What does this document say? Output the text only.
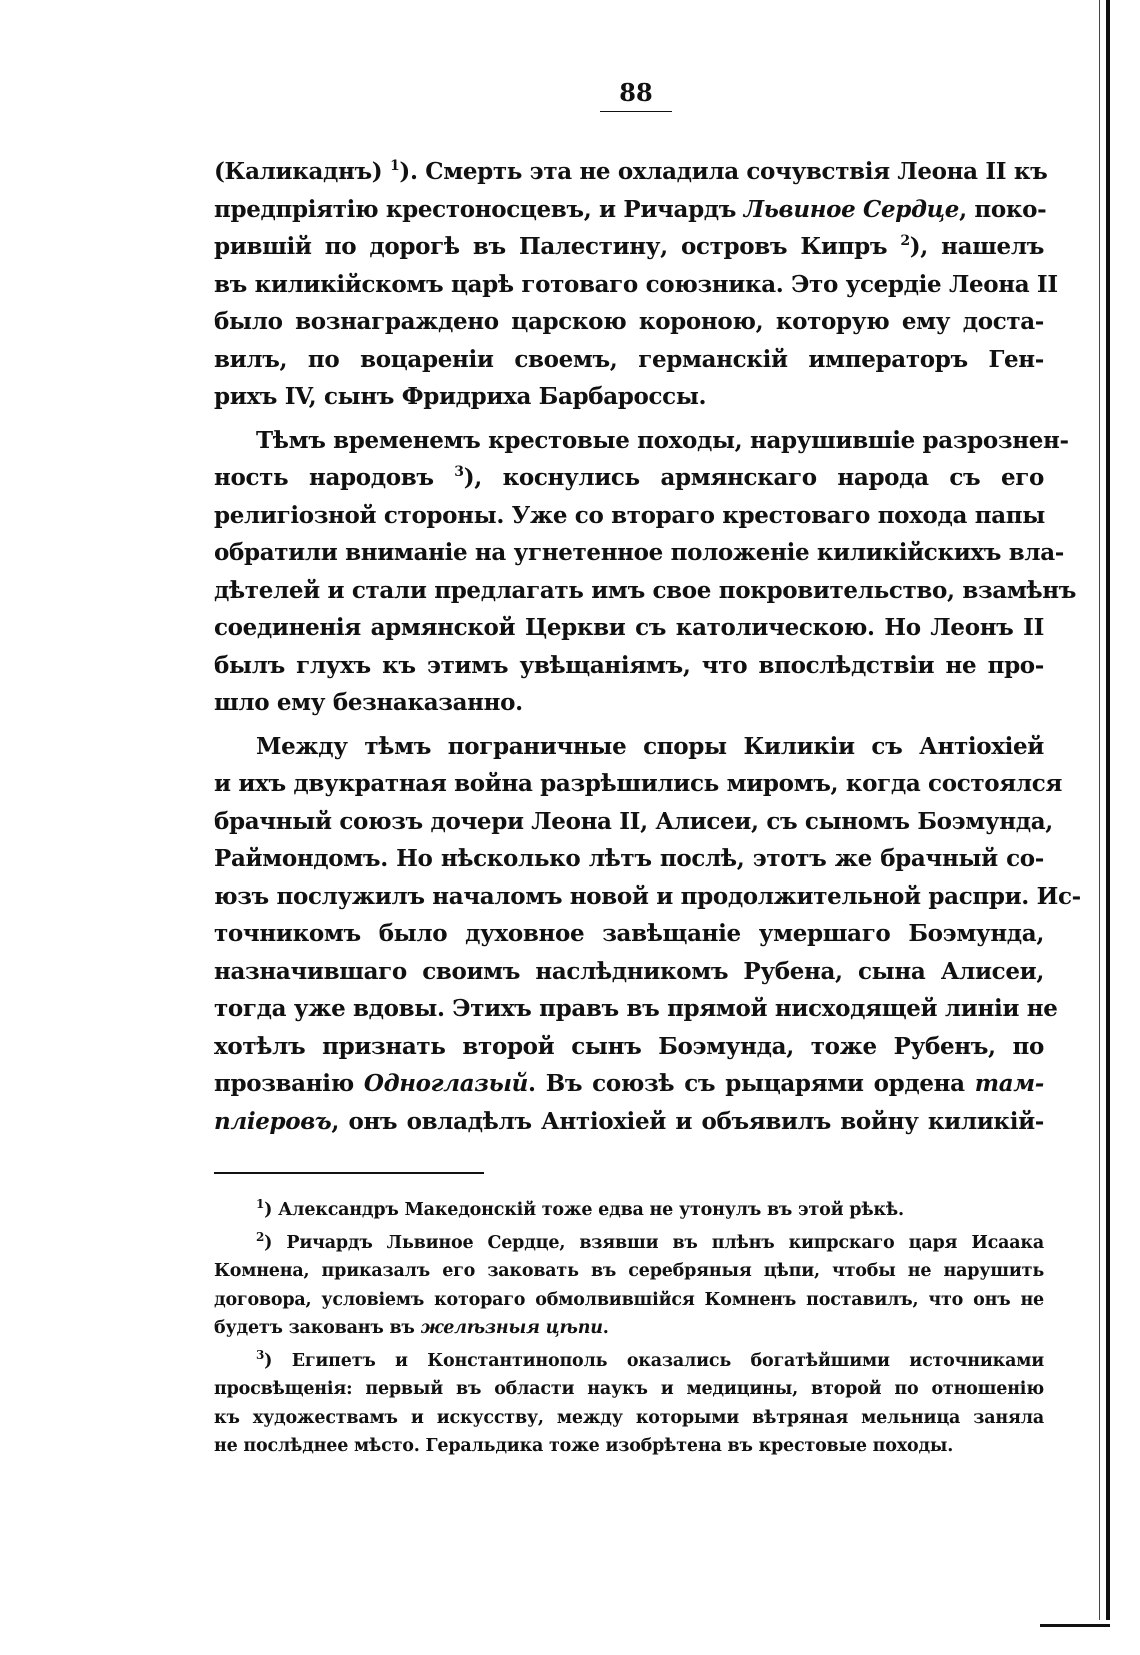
88
(Каликаднъ) $^1$). Смерть эта не охладила сочувствія Леона II къ
предпріятію крестоносцевъ, и Ричардъ Львиное Сердце, поко-
рившій по дорогѣ въ Палестину, островъ Кипръ $^2$), нашелъ
въ киликійскомъ царѣ готоваго союзника. Это усердіе Леона II
было вознаграждено царскою короною, которую ему доста-
вилъ, по воцареніи своемъ, германскій императоръ Ген-
рихъ IV, сынъ Фридриха Барбароссы.
Тѣмъ временемъ крестовые походы, нарушившіе разрознен-
ность народовъ $^3$), коснулись армянскаго народа съ его
религіозной стороны. Уже со втораго крестоваго похода папы
обратили вниманіе на угнетенное положеніе киликійскихъ вла-
дѣтелей и стали предлагать имъ свое покровительство, взамѣнъ
соединенія армянской Церкви съ католическою. Но Леонъ II
былъ глухъ къ этимъ увѣщаніямъ, что впослѣдствіи не про-
шло ему безнаказанно.
Между тѣмъ пограничные споры Киликіи съ Антіохіей
и ихъ двукратная война разрѣшились миромъ, когда состоялся
брачный союзъ дочери Леона II, Алисеи, съ сыномъ Боэмунда,
Раймондомъ. Но нѣсколько лѣтъ послѣ, этотъ же брачный со-
юзъ послужилъ началомъ новой и продолжительной распри. Ис-
точникомъ было духовное завѣщаніе умершаго Боэмунда,
назначившаго своимъ наслѣдникомъ Рубена, сына Алисеи,
тогда уже вдовы. Этихъ правъ въ прямой нисходящей линіи не
хотѣлъ признать второй сынъ Боэмунда, тоже Рубенъ, по
прозванію Одноглазый. Въ союзѣ съ рыцарями ордена там-
пліеровъ, онъ овладѣлъ Антіохіей и объявилъ войну киликій-
$^1$) Александръ Македонскій тоже едва не утонулъ въ этой рѣкѣ.
$^2$) Ричардъ Львиное Сердце, взявши въ плѣнъ кипрскаго царя Исаака
Комнена, приказалъ его заковать въ серебряныя цѣпи, чтобы не нарушить
договора, условіемъ котораго обмолвившійся Комненъ поставилъ, что онъ не
будетъ закованъ въ желѣзныя цѣпи.
$^3$) Египетъ и Константинополь оказались богатѣйшими источниками
просвѣщенія: первый въ области наукъ и медицины, второй по отношенію
къ художествамъ и искусству, между которыми вѣтряная мельница заняла
не послѣднее мѣсто. Геральдика тоже изобрѣтена въ крестовые походы.
